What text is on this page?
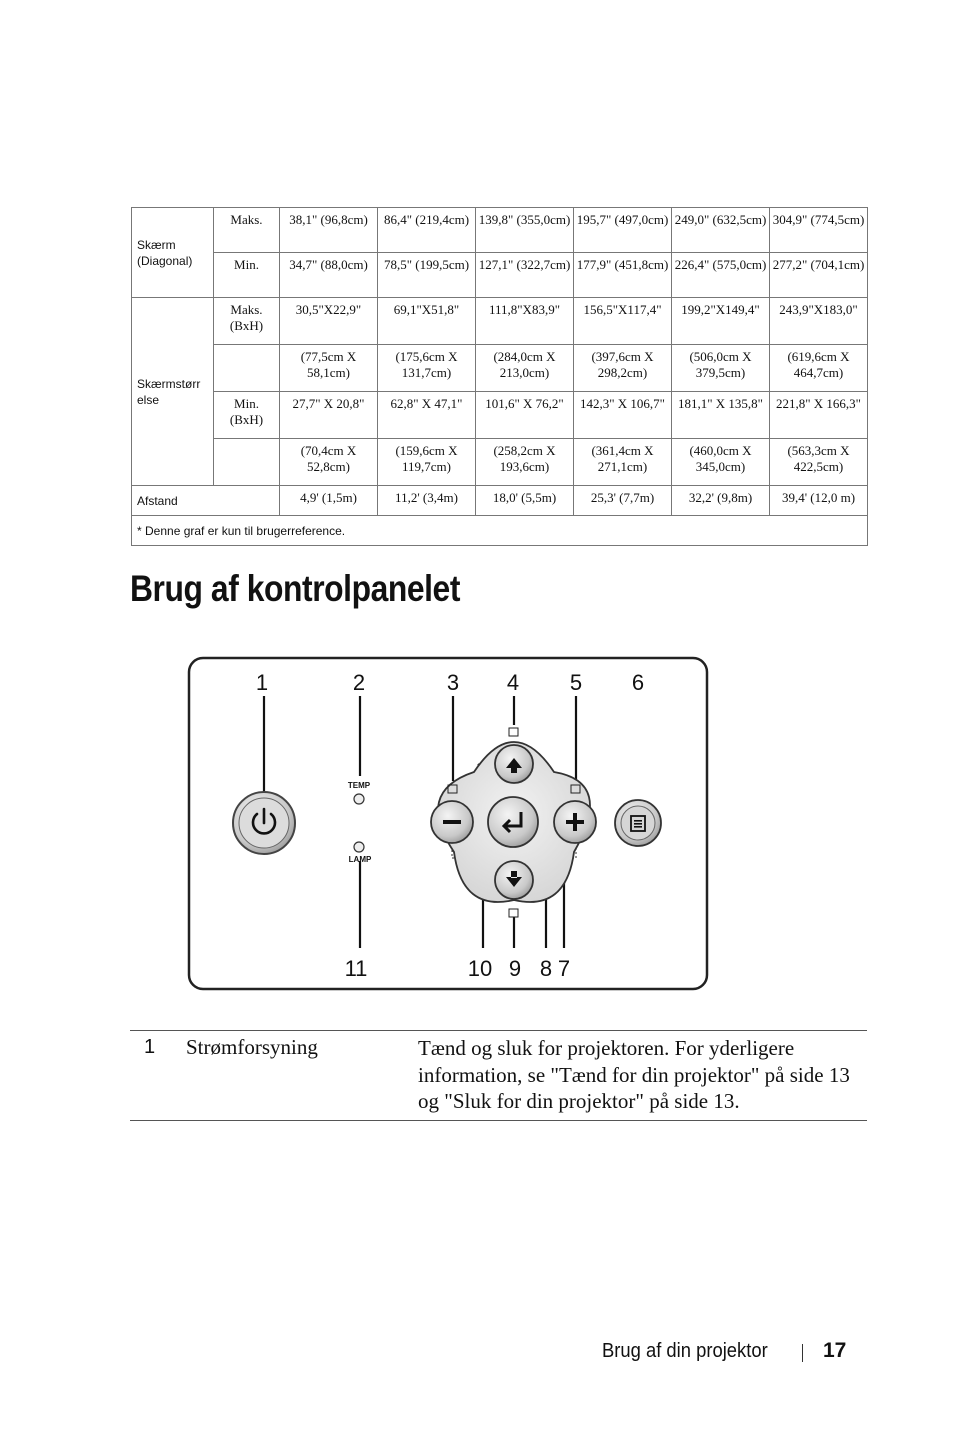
Skærm (Diagonal)	Maks.	38,1" (96,8cm)	86,4" (219,4cm)	139,8" (355,0cm)	195,7" (497,0cm)	249,0" (632,5cm)	304,9" (774,5cm)
	Min.	34,7" (88,0cm)	78,5" (199,5cm)	127,1" (322,7cm)	177,9" (451,8cm)	226,4" (575,0cm)	277,2" (704,1cm)
Skærmstørr else	Maks. (BxH)	30,5"X22,9"	69,1"X51,8"	111,8"X83,9"	156,5"X117,4"	199,2"X149,4"	243,9"X183,0"
		(77,5cm X 58,1cm)	(175,6cm X 131,7cm)	(284,0cm X 213,0cm)	(397,6cm X 298,2cm)	(506,0cm X 379,5cm)	(619,6cm X 464,7cm)
	Min. (BxH)	27,7" X 20,8"	62,8" X 47,1"	101,6" X 76,2"	142,3" X 106,7"	181,1" X 135,8"	221,8" X 166,3"
		(70,4cm X 52,8cm)	(159,6cm X 119,7cm)	(258,2cm X 193,6cm)	(361,4cm X 271,1cm)	(460,0cm X 345,0cm)	(563,3cm X 422,5cm)
Afstand		4,9' (1,5m)	11,2' (3,4m)	18,0' (5,5m)	25,3' (7,7m)	32,2' (9,8m)	39,4' (12,0 m)
* Denne graf er kun til brugerreference.							
Brug af kontrolpanelet
1	2	3 4 5 6
11	10 9 8 7
TEMP
LAMP
1 Strømforsyning	Tænd og sluk for projektoren. For yderligere information, se "Tænd for din projektor" på side 13 og "Sluk for din projektor" på side 13.
Brug af din projektor	17
